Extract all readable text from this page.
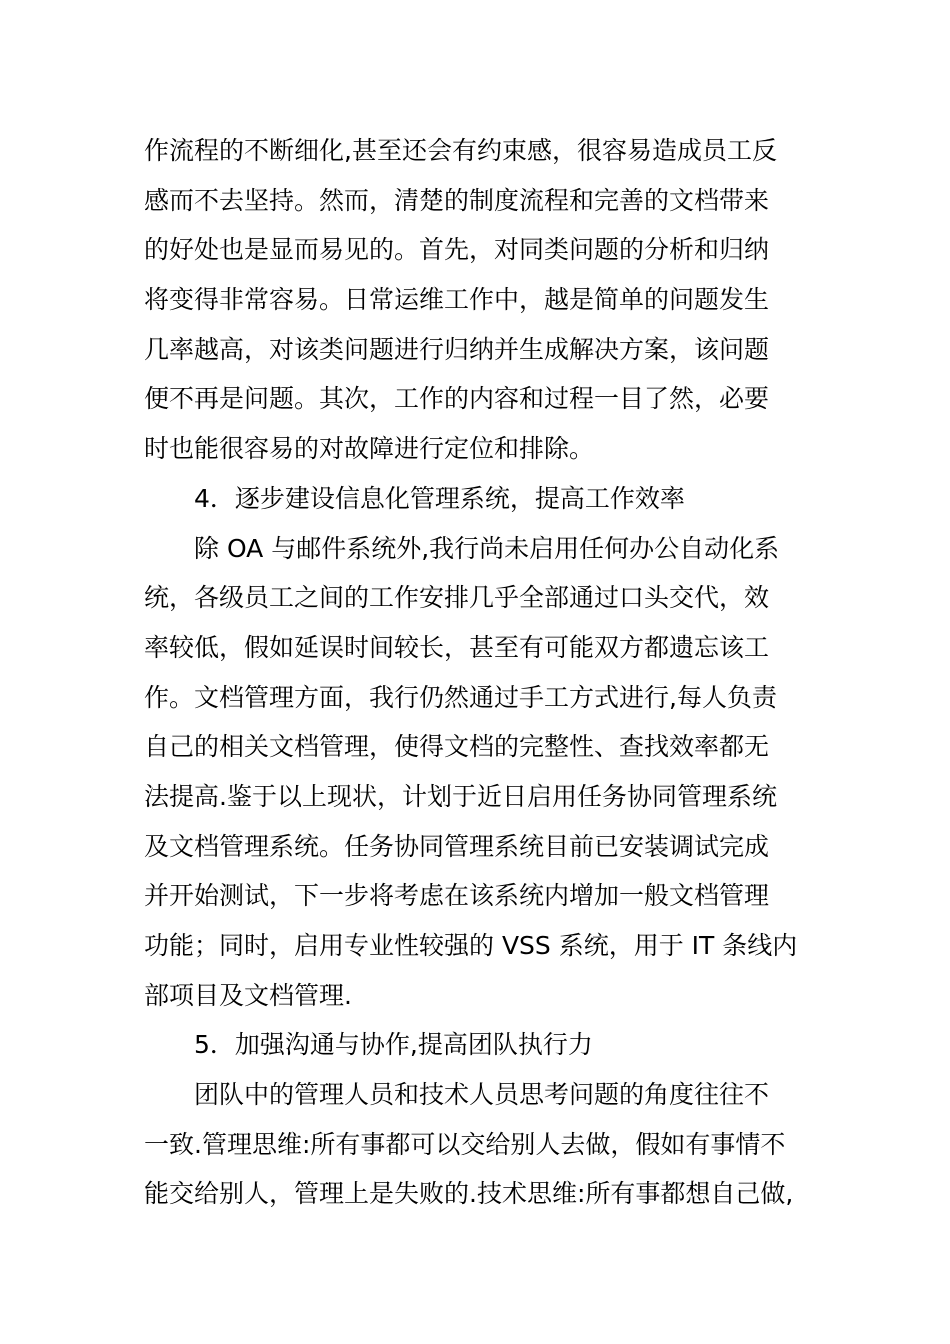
作流程的不断细化,甚至还会有约束感，很容易造成员工反
感而不去坚持。然而，清楚的制度流程和完善的文档带来
的好处也是显而易见的。首先，对同类问题的分析和归纳
将变得非常容易。日常运维工作中，越是简单的问题发生
几率越高，对该类问题进行归纳并生成解决方案，该问题
便不再是问题。其次，工作的内容和过程一目了然，必要
时也能很容易的对故障进行定位和排除。
4．逐步建设信息化管理系统，提高工作效率
除 OA 与邮件系统外,我行尚未启用任何办公自动化系
统，各级员工之间的工作安排几乎全部通过口头交代，效
率较低，假如延误时间较长，甚至有可能双方都遗忘该工
作。文档管理方面，我行仍然通过手工方式进行,每人负责
自己的相关文档管理，使得文档的完整性、查找效率都无
法提高.鉴于以上现状，计划于近日启用任务协同管理系统
及文档管理系统。任务协同管理系统目前已安装调试完成
并开始测试，下一步将考虑在该系统内增加一般文档管理
功能；同时，启用专业性较强的 VSS 系统，用于 IT 条线内
部项目及文档管理.
5．加强沟通与协作,提高团队执行力
团队中的管理人员和技术人员思考问题的角度往往不
一致.管理思维:所有事都可以交给别人去做，假如有事情不
能交给别人，管理上是失败的.技术思维:所有事都想自己做,
